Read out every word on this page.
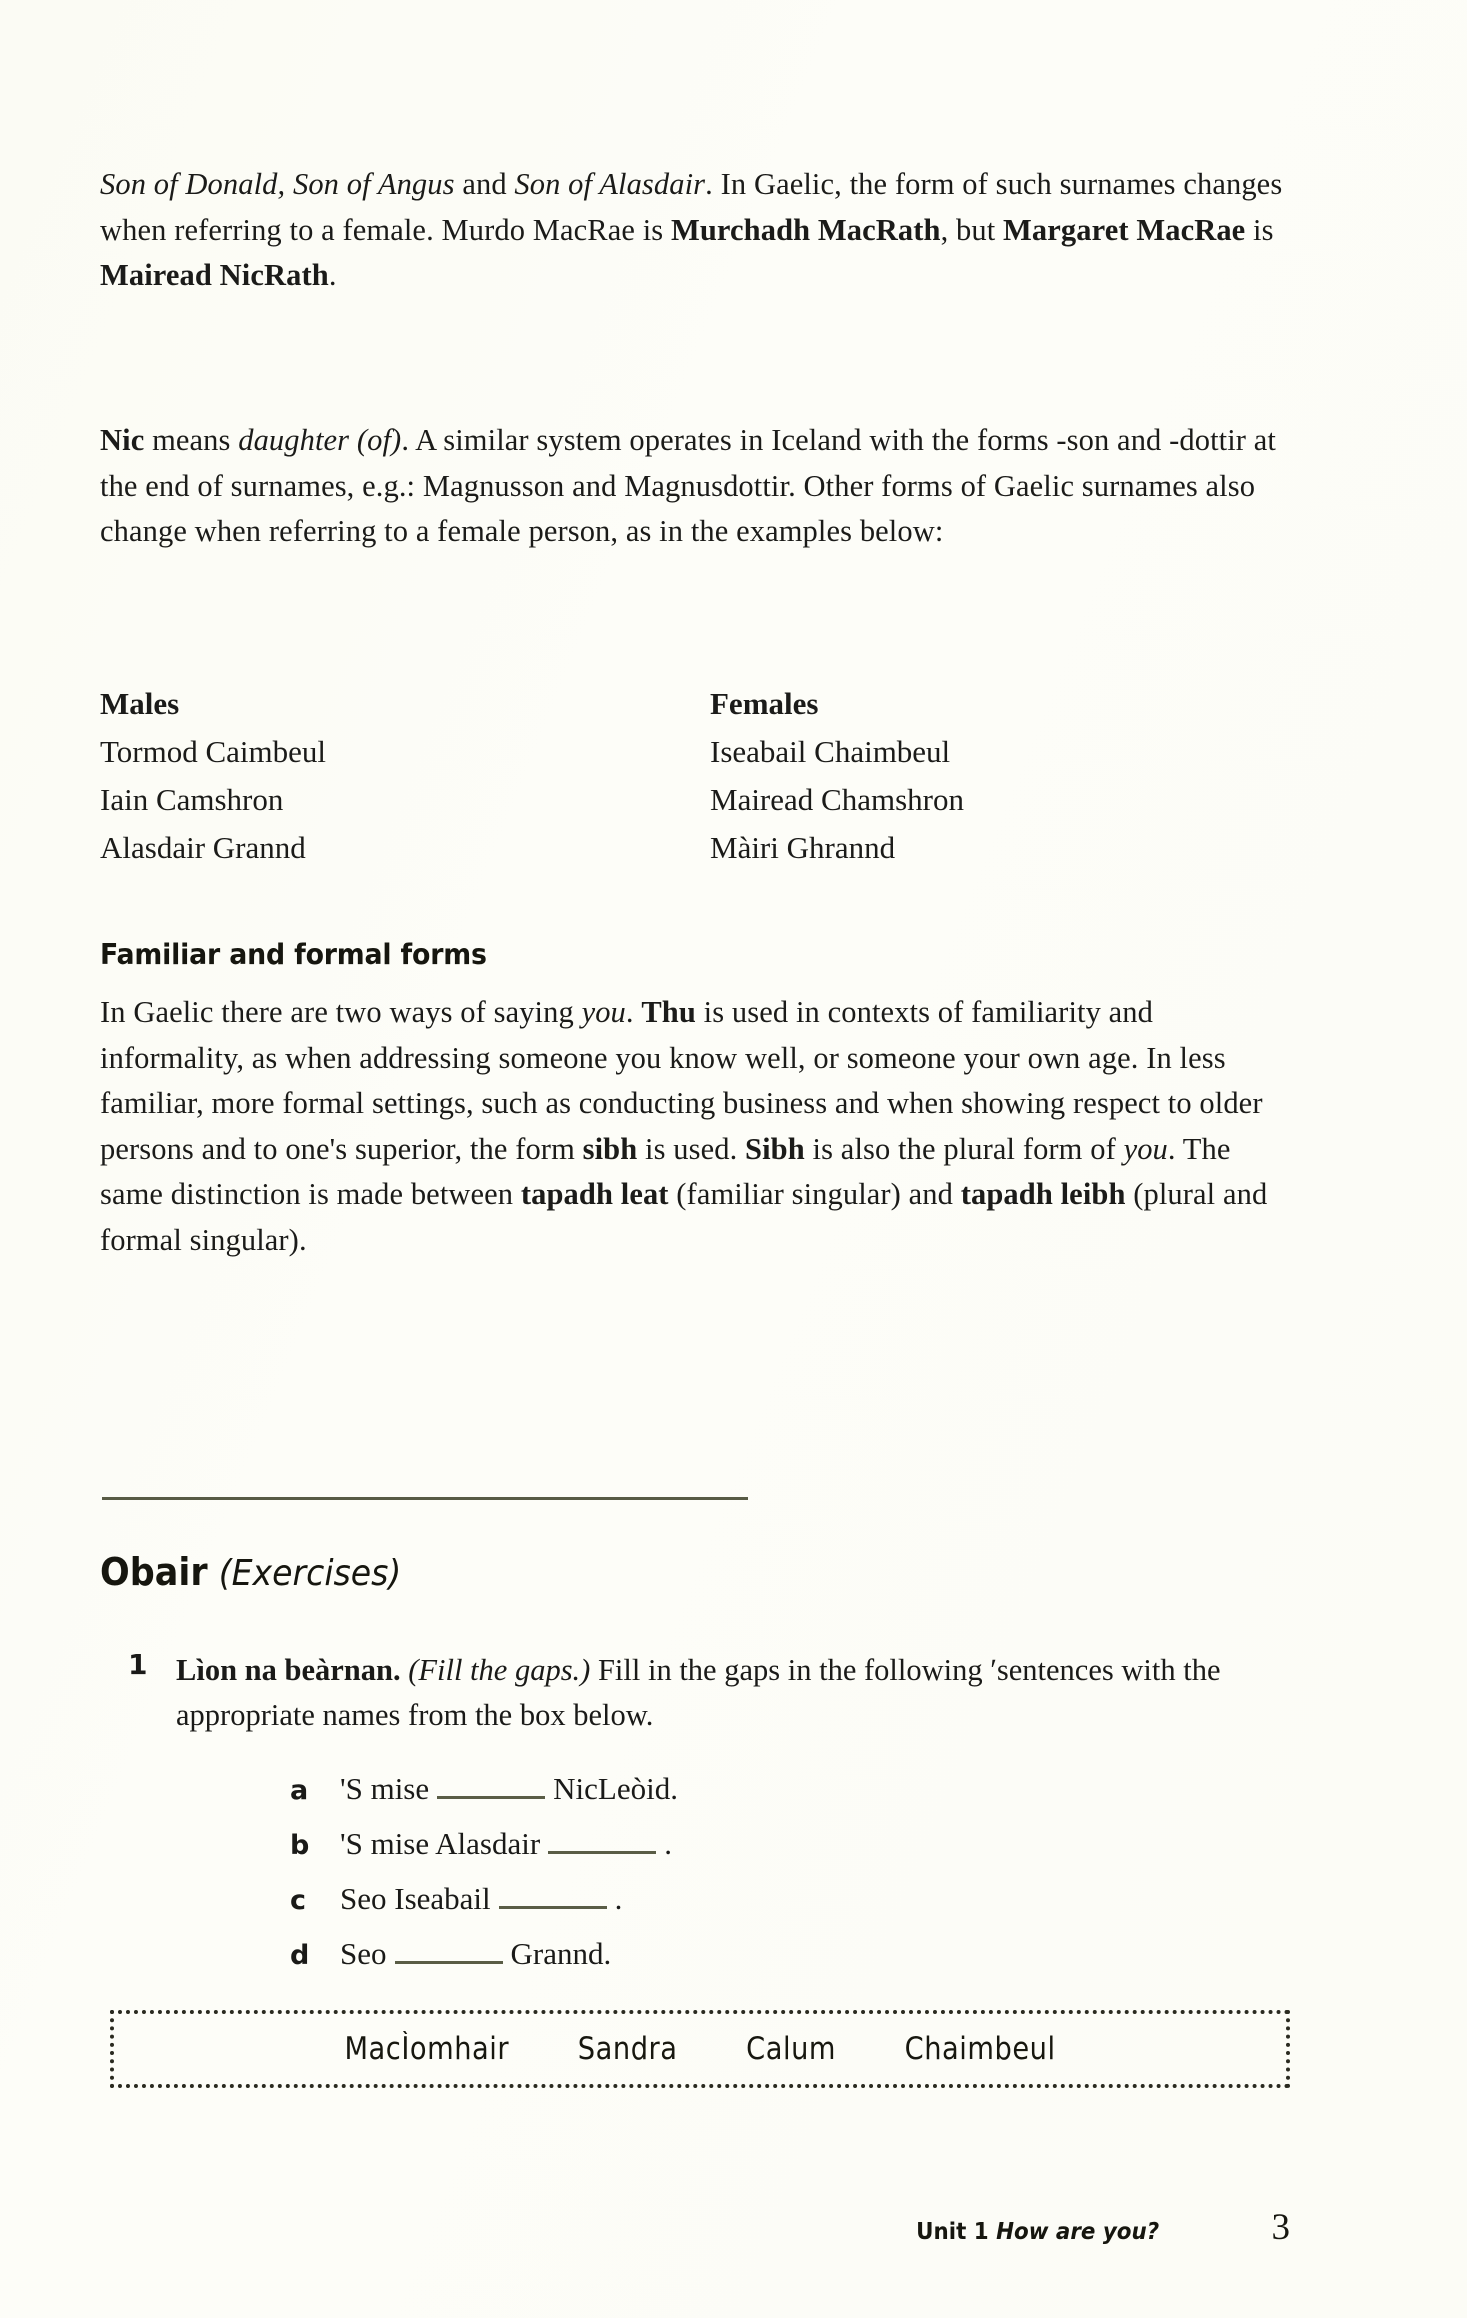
Son of Donald, Son of Angus and Son of Alasdair. In Gaelic, the form of such surnames changes when referring to a female. Murdo MacRae is Murchadh MacRath, but Margaret MacRae is Mairead NicRath.

Nic means daughter (of). A similar system operates in Iceland with the forms -son and -dottir at the end of surnames, e.g.: Magnusson and Magnusdottir. Other forms of Gaelic surnames also change when referring to a female person, as in the examples below:

Males	Females
Tormod Caimbeul	Iseabail Chaimbeul
Iain Camshron	Mairead Chamshron
Alasdair Grannd	Màiri Ghrannd
Familiar and formal forms

In Gaelic there are two ways of saying you. Thu is used in contexts of familiarity and informality, as when addressing someone you know well, or someone your own age. In less familiar, more formal settings, such as conducting business and when showing respect to older persons and to one's superior, the form sibh is used. Sibh is also the plural form of you. The same distinction is made between tapadh leat (familiar singular) and tapadh leibh (plural and formal singular).

Obair (Exercises)
1 Lìon na beàrnan. (Fill the gaps.) Fill in the gaps in the following ʹsentences with the appropriate names from the box below.
a	'S mise	NicLeòid.
b 'S mise Alasdair	.
c	Seo Iseabail	.
d Seo	Grannd.
MacÌomhair Sandra Calum Chaimbeul
Unit 1 How are you?	3
